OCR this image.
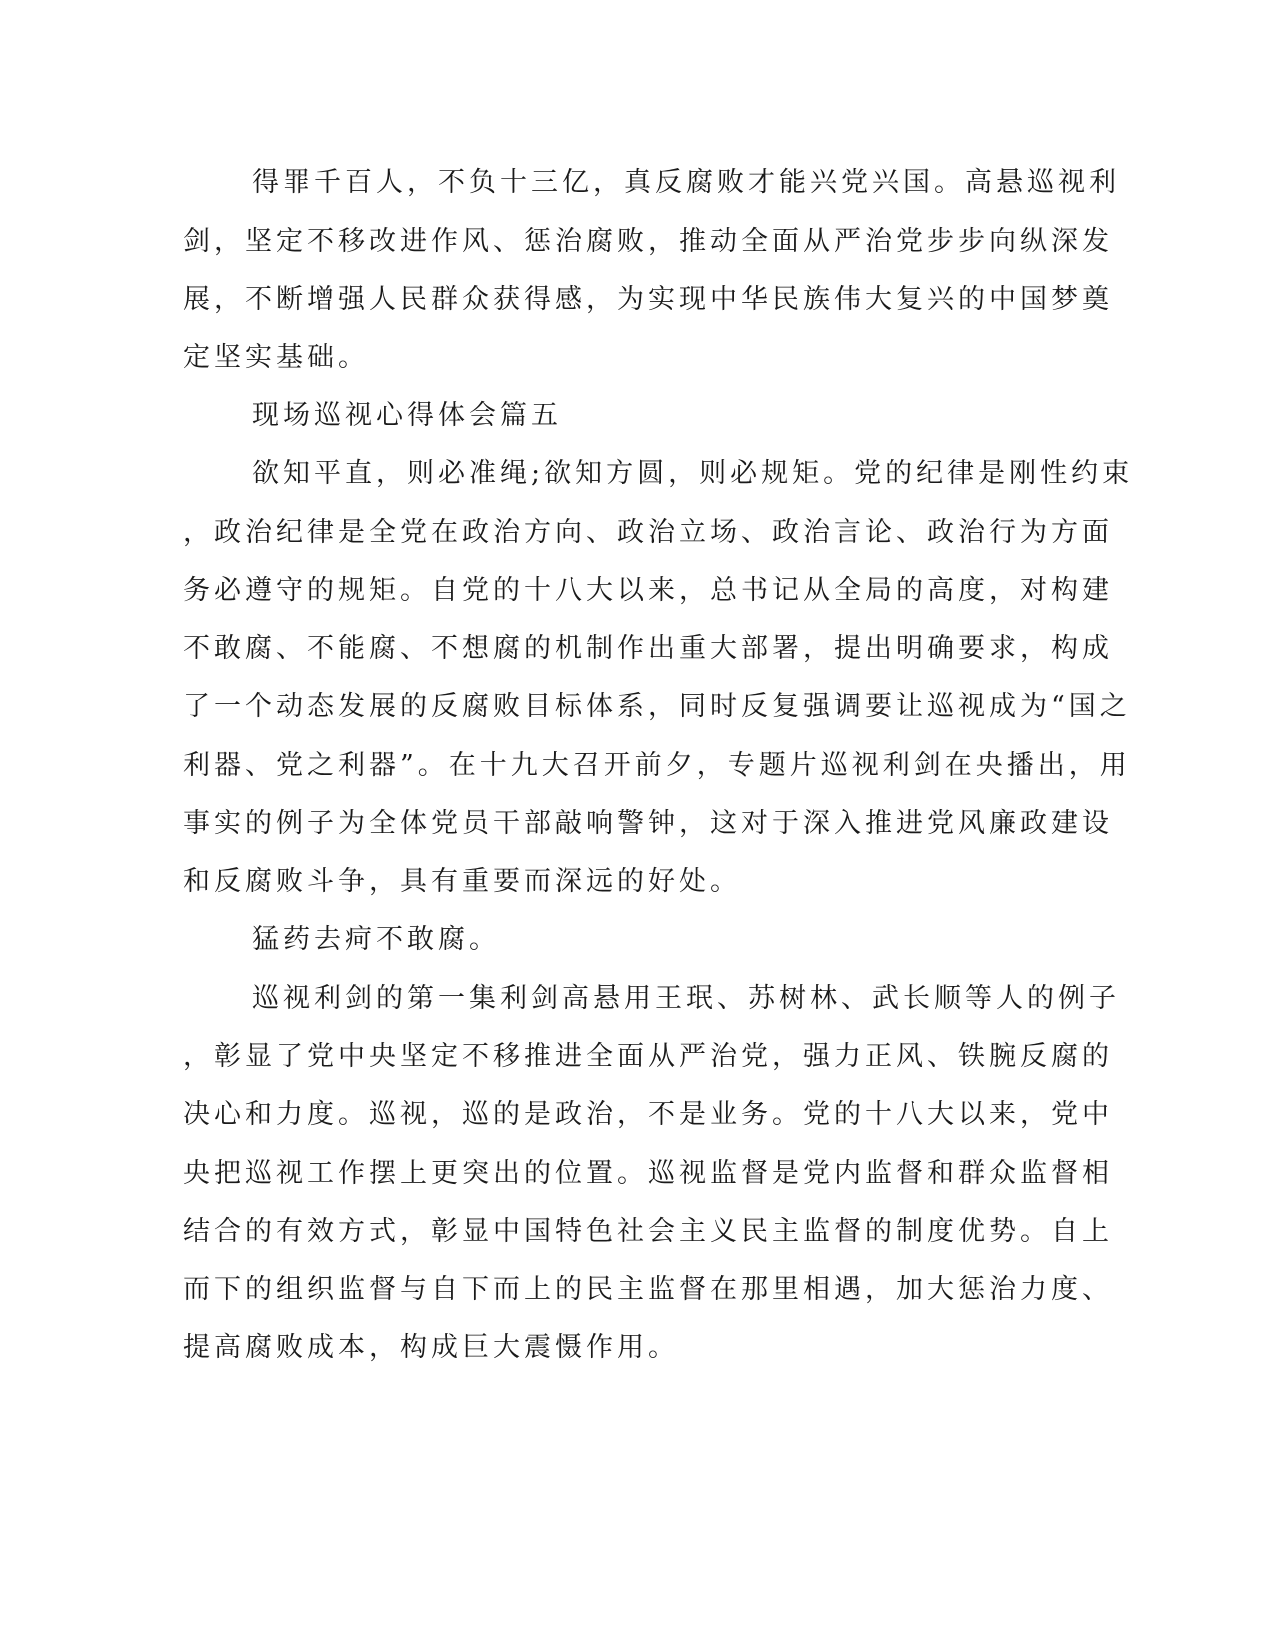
得罪千百人，不负十三亿，真反腐败才能兴党兴国。高悬巡视利
剑，坚定不移改进作风、惩治腐败，推动全面从严治党步步向纵深发
展，不断增强人民群众获得感，为实现中华民族伟大复兴的中国梦奠
定坚实基础。
现场巡视心得体会篇五
欲知平直，则必准绳;欲知方圆，则必规矩。党的纪律是刚性约束
，政治纪律是全党在政治方向、政治立场、政治言论、政治行为方面
务必遵守的规矩。自党的十八大以来，总书记从全局的高度，对构建
不敢腐、不能腐、不想腐的机制作出重大部署，提出明确要求，构成
了一个动态发展的反腐败目标体系，同时反复强调要让巡视成为“国之
利器、党之利器”。在十九大召开前夕，专题片巡视利剑在央播出，用
事实的例子为全体党员干部敲响警钟，这对于深入推进党风廉政建设
和反腐败斗争，具有重要而深远的好处。
猛药去疴不敢腐。
巡视利剑的第一集利剑高悬用王珉、苏树林、武长顺等人的例子
，彰显了党中央坚定不移推进全面从严治党，强力正风、铁腕反腐的
决心和力度。巡视，巡的是政治，不是业务。党的十八大以来，党中
央把巡视工作摆上更突出的位置。巡视监督是党内监督和群众监督相
结合的有效方式，彰显中国特色社会主义民主监督的制度优势。自上
而下的组织监督与自下而上的民主监督在那里相遇，加大惩治力度、
提高腐败成本，构成巨大震慑作用。
